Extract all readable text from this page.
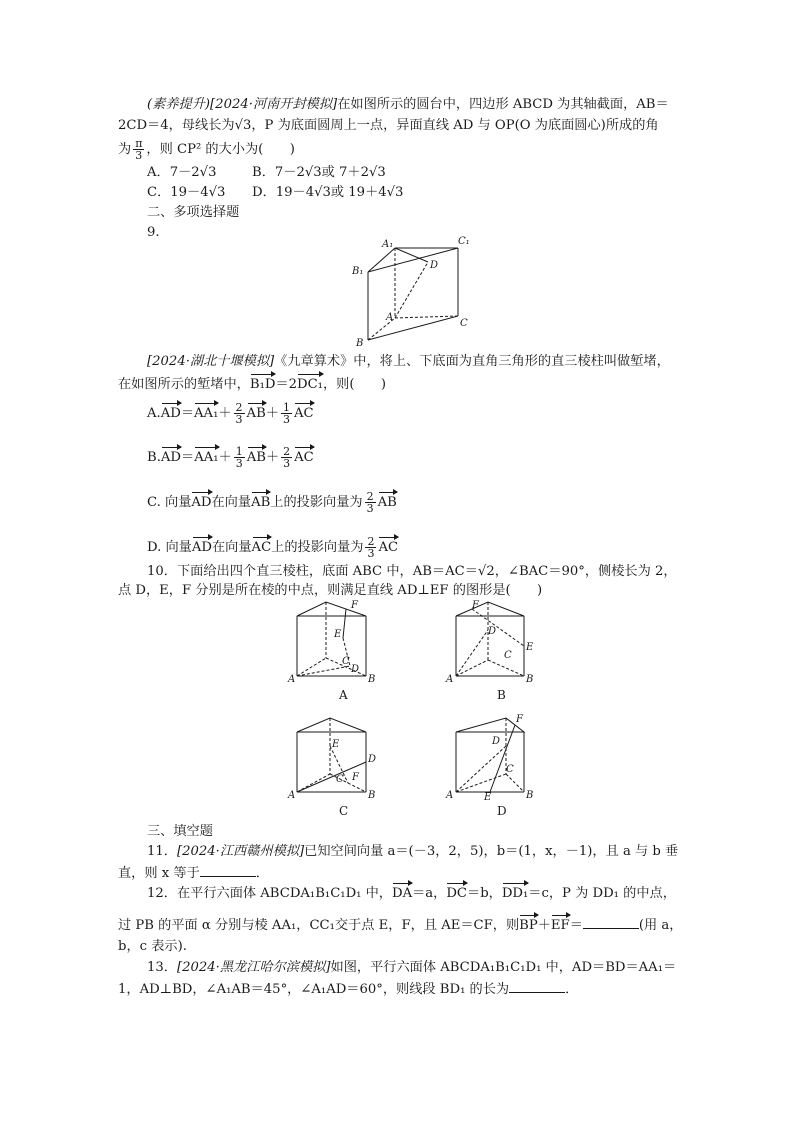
(素养提升)[2024·河南开封模拟]在如图所示的圆台中，四边形 ABCD 为其轴截面，AB＝
2CD＝4，母线长为√3，P 为底面圆周上一点，异面直线 AD 与 OP(O 为底面圆心)所成的角
为 $\frac{\pi}{3}$ ，则 CP² 的大小为(　　)
A．7－2√3	B．7－2√3或 7＋2√3
C．19－4√3 D．19－4√3或 19＋4√3
二、多项选择题
9.
A₁	C₁
B₁
D
A
B
C
[2024·湖北十堰模拟]《九章算术》中，将上、下底面为直角三角形的直三棱柱叫做堑堵，
在如图所示的堑堵中，B₁D＝2DC₁，则(　　)
$A.AD=AA_1+ \frac{2}{3} AB+ \frac{1}{3}$ AC
$B.AD=AA_1+ \frac{1}{3} AB+ \frac{2}{3}$ AC
C. 向量AD在向量AB上的投影向量为 $\frac{2}{3}$ AB
D. 向量AD在向量AC上的投影向量为 $\frac{2}{3}$ AC
10．下面给出四个直三棱柱，底面 ABC 中，AB＝AC＝√2，∠BAC＝90°，侧棱长为 2，
点 D，E，F 分别是所在棱的中点，则满足直线 AD⊥EF 的图形是(　　)
A	B
C
D
E
F
A
A	B
C
D
E
F
B
A	B
C
D
E
F
C
A	B
C
D
E
F
D
三、填空题
11．[2024·江西赣州模拟]已知空间向量 a＝(－3，2，5)，b＝(1，x，－1)，且 a 与 b 垂
直，则 x 等于	．
12．在平行六面体 ABCDA₁B₁C₁D₁ 中，DA＝a，DC＝b，DD₁＝c，P 为 DD₁ 的中点，
过 PB 的平面 α 分别与棱 AA₁，CC₁交于点 E，F，且 AE＝CF，则BP＋EF＝	(用 a，
b，c 表示).
13．[2024·黑龙江哈尔滨模拟]如图，平行六面体 ABCDA₁B₁C₁D₁ 中，AD＝BD＝AA₁＝
1，AD⊥BD，∠A₁AB＝45°，∠A₁AD＝60°，则线段 BD₁ 的长为	．
